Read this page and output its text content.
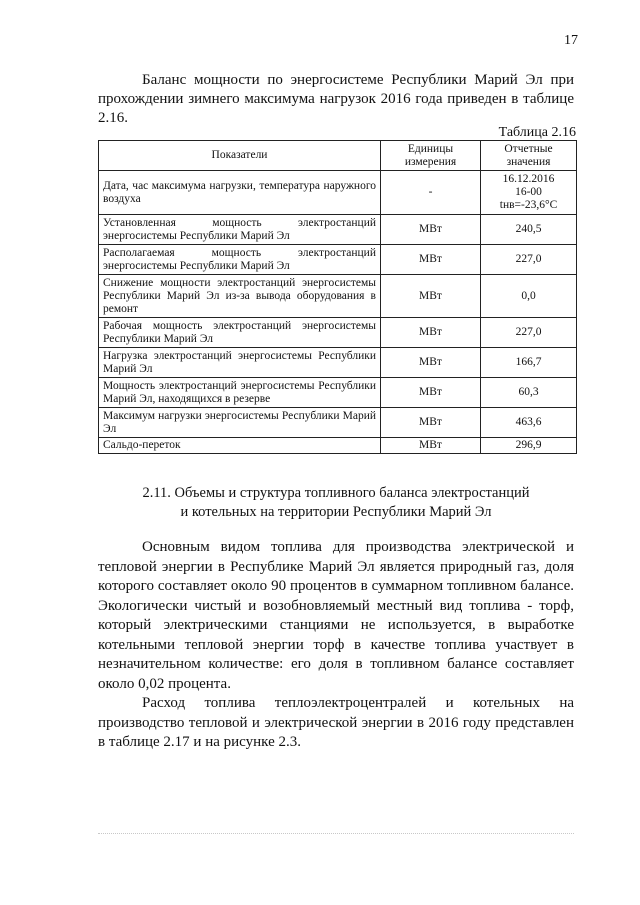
17
Баланс мощности по энергосистеме Республики Марий Эл при прохождении зимнего максимума нагрузок 2016 года приведен в таблице 2.16.
Таблица 2.16
Показатели	Единицы измерения	Отчетные значения
Дата, час максимума нагрузки, температура наружного воздуха	-	16.12.2016
16-00
tнв=-23,6°С

Установленная мощность электростанций энергосистемы Республики Марий Эл	МВт	240,5
Располагаемая мощность электростанций энергосистемы Республики Марий Эл	МВт	227,0
Снижение мощности электростанций энергосистемы Республики Марий Эл из-за вывода оборудования в ремонт	МВт	0,0
Рабочая мощность электростанций энергосистемы Республики Марий Эл	МВт	227,0
Нагрузка электростанций энергосистемы Республики Марий Эл	МВт	166,7
Мощность электростанций энергосистемы Республики Марий Эл, находящихся в резерве	МВт	60,3
Максимум нагрузки энергосистемы Республики Марий Эл	МВт	463,6
Сальдо-переток	МВт	296,9
2.11. Объемы и структура топливного баланса электростанций
и котельных на территории Республики Марий Эл

Основным видом топлива для производства электрической и тепловой энергии в Республике Марий Эл является природный газ, доля которого составляет около 90 процентов в суммарном топливном балансе. Экологически чистый и возобновляемый местный вид топлива - торф, который электрическими станциями не используется, в выработке котельными тепловой энергии торф в качестве топлива участвует в незначительном количестве: его доля в топливном балансе составляет около 0,02 процента.

Расход топлива теплоэлектроцентралей и котельных на производство тепловой и электрической энергии в 2016 году представлен в таблице 2.17 и на рисунке 2.3.
